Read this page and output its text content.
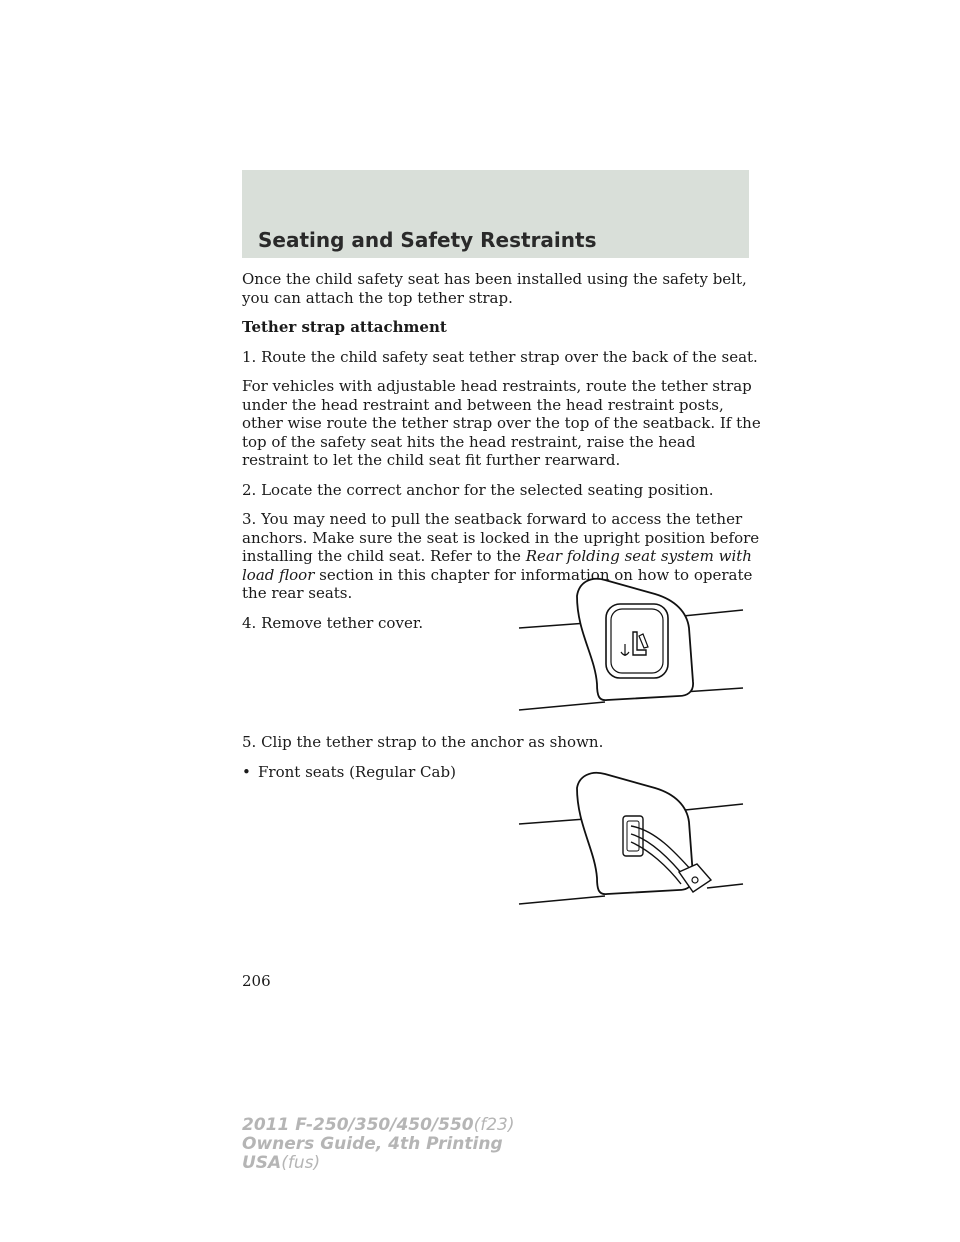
Seating and Safety Restraints

Once the child safety seat has been installed using the safety belt, you can attach the top tether strap.

Tether strap attachment

1. Route the child safety seat tether strap over the back of the seat.

For vehicles with adjustable head restraints, route the tether strap under the head restraint and between the head restraint posts, other wise route the tether strap over the top of the seatback. If the top of the safety seat hits the head restraint, raise the head restraint to let the child seat fit further rearward.

2. Locate the correct anchor for the selected seating position.

3. You may need to pull the seatback forward to access the tether anchors. Make sure the seat is locked in the upright position before installing the child seat. Refer to the Rear folding seat system with load floor section in this chapter for information on how to operate the rear seats.

4. Remove tether cover.

5. Clip the tether strap to the anchor as shown.

• Front seats (Regular Cab)
206
2011 F-250/350/450/550(f23)
Owners Guide, 4th Printing
USA(fus)
